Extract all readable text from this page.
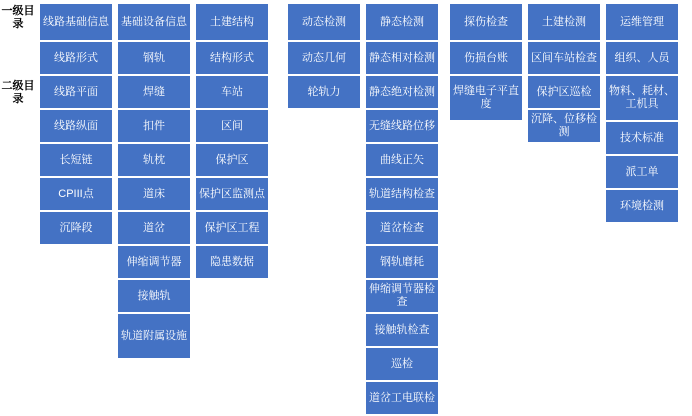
一级目录
二级目录
线路基础信息
线路形式
线路平面
线路纵面
长短链
CPIII点
沉降段
基础设备信息
钢轨
焊缝
扣件
轨枕
道床
道岔
伸缩调节器
接触轨
轨道附属设施
土建结构
结构形式
车站
区间
保护区
保护区监测点
保护区工程
隐患数据
动态检测
动态几何
轮轨力
静态检测
静态相对检测
静态绝对检测
无缝线路位移
曲线正矢
轨道结构检查
道岔检查
钢轨磨耗
伸缩调节器检查
接触轨检查
巡检
道岔工电联检
探伤检查
伤损台账
焊缝电子平直度
土建检测
区间车站检查
保护区巡检
沉降、位移检测
运维管理
组织、人员
物料、耗材、工机具
技术标准
派工单
环境检测
